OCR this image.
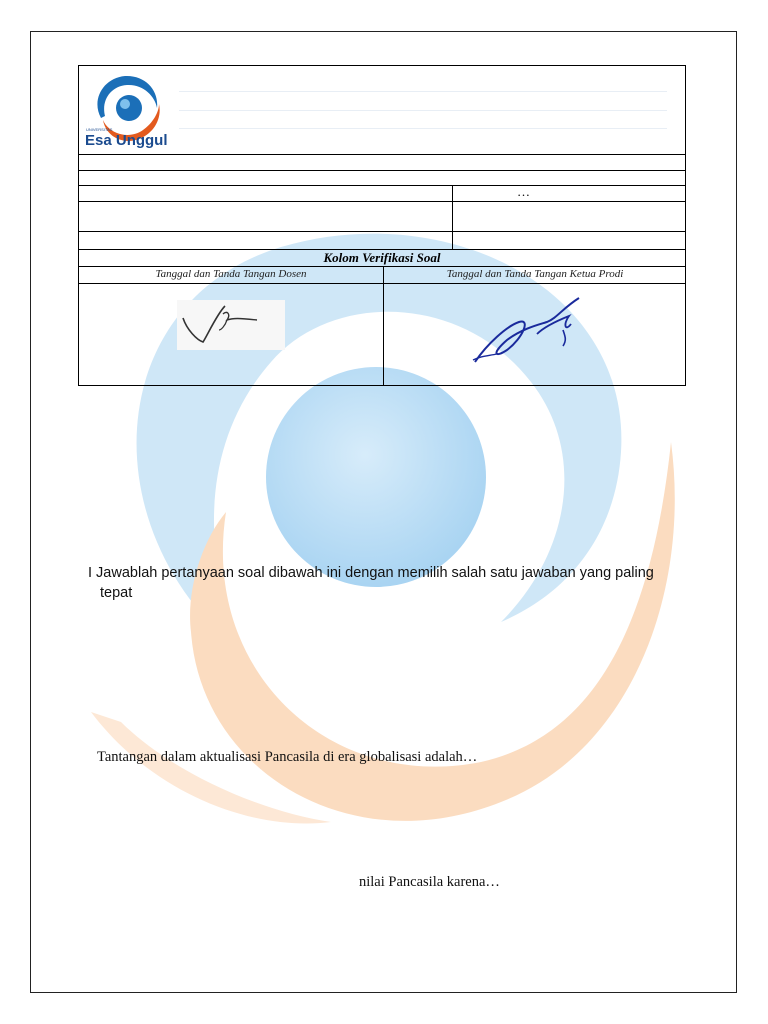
UNIVERSITAS
Esa Unggul
…
Kolom Verifikasi Soal
Tanggal dan Tanda Tangan Dosen	Tanggal dan Tanda Tangan Ketua Prodi
I Jawablah pertanyaan soal dibawah ini dengan memilih salah satu jawaban yang paling
tepat
Tantangan dalam aktualisasi Pancasila di era globalisasi adalah…
nilai Pancasila karena…
